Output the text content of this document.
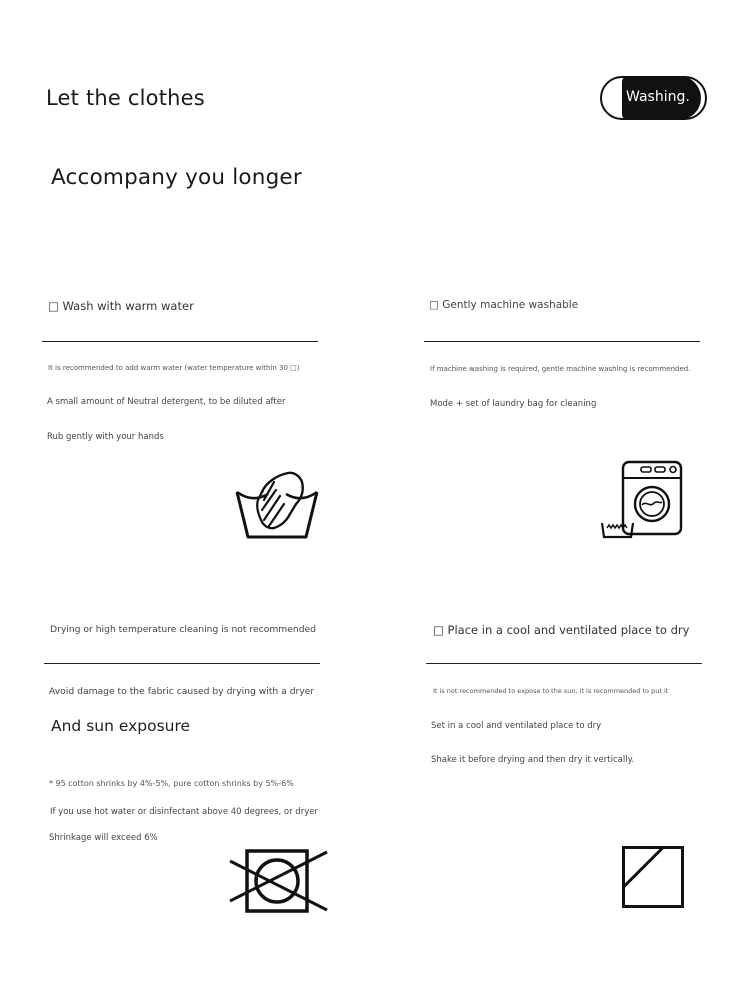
Let the clothes
Accompany you longer
Washing.
□ Wash with warm water
It is recommended to add warm water (water temperature within 30 □)
A small amount of Neutral detergent, to be diluted after
Rub gently with your hands
□ Gently machine washable
If machine washing is required, gentle machine washing is recommended.
Mode + set of laundry bag for cleaning
Drying or high temperature cleaning is not recommended
Avoid damage to the fabric caused by drying with a dryer
And sun exposure
* 95 cotton shrinks by 4%-5%, pure cotton shrinks by 5%-6%
If you use hot water or disinfectant above 40 degrees, or dryer
Shrinkage will exceed 6%
□ Place in a cool and ventilated place to dry
It is not recommended to expose to the sun, it is recommended to put it
Set in a cool and ventilated place to dry
Shake it before drying and then dry it vertically.
